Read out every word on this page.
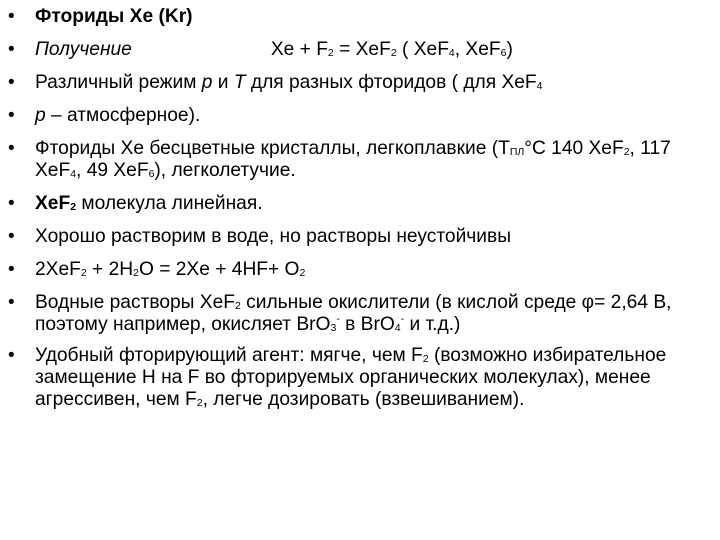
• Фториды Xe (Kr)
• Получение	$Xe + F_2 = XeF_2$ ( XeF$_4$, XeF$_6$)
• Различный режим p и T для разных фторидов ( для XeF$_4$
• p – атмосферное).
• Фториды Xe бесцветные кристаллы, легкоплавкие ($T_{ПЛ}^\circ C$ 140 XeF$_2$, 117 XeF$_4$, 49 XeF$_6$), легколетучие.
• XeF$_2$ молекула линейная.
• Хорошо растворим в воде, но растворы неустойчивы
• $2XeF_2 + 2H_2O = 2Xe + 4HF+ O_2$
• Водные растворы XeF$_2$ сильные окислители (в кислой среде φ= 2,64 В, поэтому например, окисляет BrO$_3$- в BrO$_4$- и т.д.)
• Удобный фторирующий агент: мягче, чем $F_2$ (возможно избирательное замещение H на F во фторируемых органических молекулах), менее агрессивен, чем $F_2$, легче дозировать (взвешиванием).
